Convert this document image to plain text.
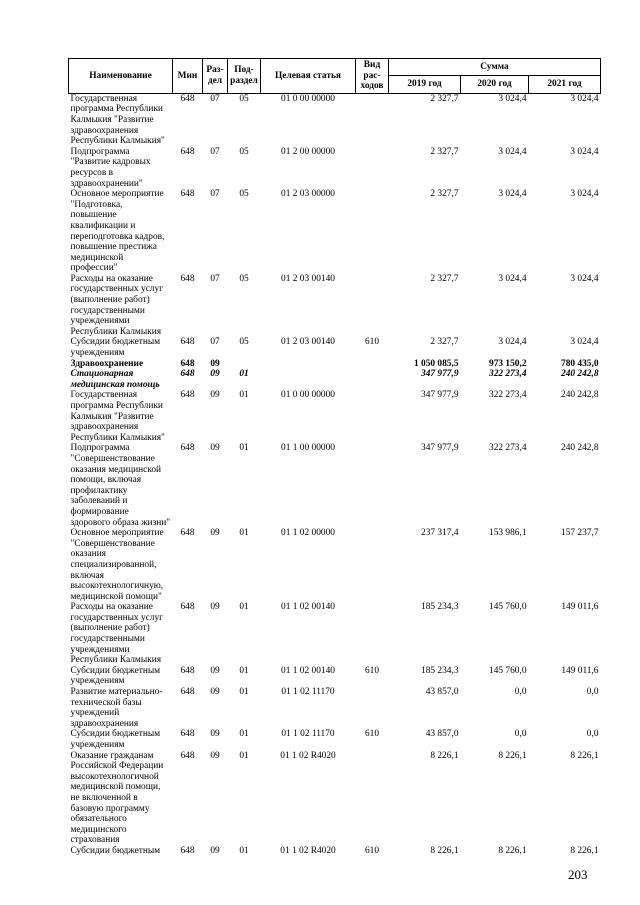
Наименование	Мин	Раз-дел	Под-раздел	Целевая статья	Вид рас-ходов	Сумма		
						2019 год	2020 год	2021 год
Государственная программа Республики Калмыкия "Развитие здравоохранения Республики Калмыкия"	648	07	05	01 0 00 00000		2 327,7	3 024,4	3 024,4
Подпрограмма "Развитие кадровых ресурсов в здравоохранении"	648	07	05	01 2 00 00000		2 327,7	3 024,4	3 024,4
Основное мероприятие "Подготовка, повышение квалификации и переподготовка кадров, повышение престижа медицинской профессии"	648	07	05	01 2 03 00000		2 327,7	3 024,4	3 024,4
Расходы на оказание государственных услуг (выполнение работ) государственными учреждениями Республики Калмыкия	648	07	05	01 2 03 00140		2 327,7	3 024,4	3 024,4
Субсидии бюджетным учреждениям	648	07	05	01 2 03 00140	610	2 327,7	3 024,4	3 024,4
Здравоохранение	648	09				1 050 085,5	973 150,2	780 435,0
Стационарная медицинская помощь	648	09	01			347 977,9	322 273,4	240 242,8
Государственная программа Республики Калмыкия "Развитие здравоохранения Республики Калмыкия"	648	09	01	01 0 00 00000		347 977,9	322 273,4	240 242,8
Подпрограмма "Совершенствование оказания медицинской помощи, включая профилактику заболеваний и формирование здорового образа жизни"	648	09	01	01 1 00 00000		347 977,9	322 273,4	240 242,8
Основное мероприятие "Совершенствование оказания специализированной, включая высокотехнологичную, медицинской помощи"	648	09	01	01 1 02 00000		237 317,4	153 986,1	157 237,7
Расходы на оказание государственных услуг (выполнение работ) государственными учреждениями Республики Калмыкия	648	09	01	01 1 02 00140		185 234,3	145 760,0	149 011,6
Субсидии бюджетным учреждениям	648	09	01	01 1 02 00140	610	185 234,3	145 760,0	149 011,6
Развитие материально-технической базы учреждений здравоохранения	648	09	01	01 1 02 11170		43 857,0	0,0	0,0
Субсидии бюджетным учреждениям	648	09	01	01 1 02 11170	610	43 857,0	0,0	0,0
Оказание гражданам Российской Федерации высокотехнологичной медицинской помощи, не включенной в базовую программу обязательного медицинского страхования	648	09	01	01 1 02 R4020		8 226,1	8 226,1	8 226,1
Субсидии бюджетным	648	09	01	01 1 02 R4020	610	8 226,1	8 226,1	8 226,1
203
